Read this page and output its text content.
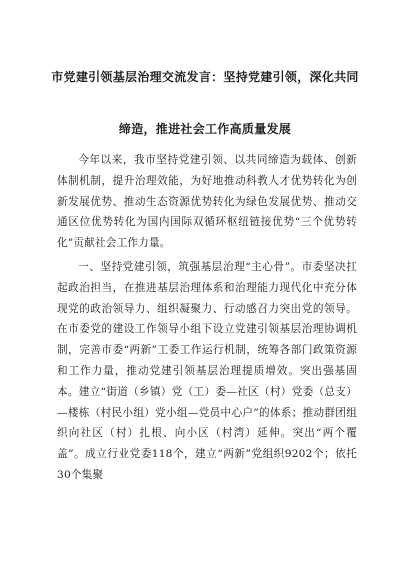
市党建引领基层治理交流发言：坚持党建引领，深化共同
缔造，推进社会工作高质量发展

今年以来，我市坚持党建引领、以共同缔造为载体、创新体制机制，提升治理效能，为好地推动科教人才优势转化为创新发展优势、推动生态资源优势转化为绿色发展优势、推动交通区位优势转化为国内国际双循环枢纽链接优势“三个优势转化”贡献社会工作力量。

一、坚持党建引领，筑强基层治理“主心骨”。市委坚决扛起政治担当，在推进基层治理体系和治理能力现代化中充分体现党的政治领导力、组织凝聚力、行动感召力突出党的领导。在市委党的建设工作领导小组下设立党建引领基层治理协调机制，完善市委“两新”工委工作运行机制，统筹各部门政策资源和工作力量，推动党建引领基层治理提质增效。突出强基固本。建立“街道（乡镇）党（工）委—社区（村）党委（总支）—楼栋（村民小组）党小组—党员中心户”的体系；推动群团组织向社区（村）扎根、向小区（村湾）延伸。突出“两个覆盖”。成立行业党委118个，建立“两新”党组织9202个；依托30个集聚
